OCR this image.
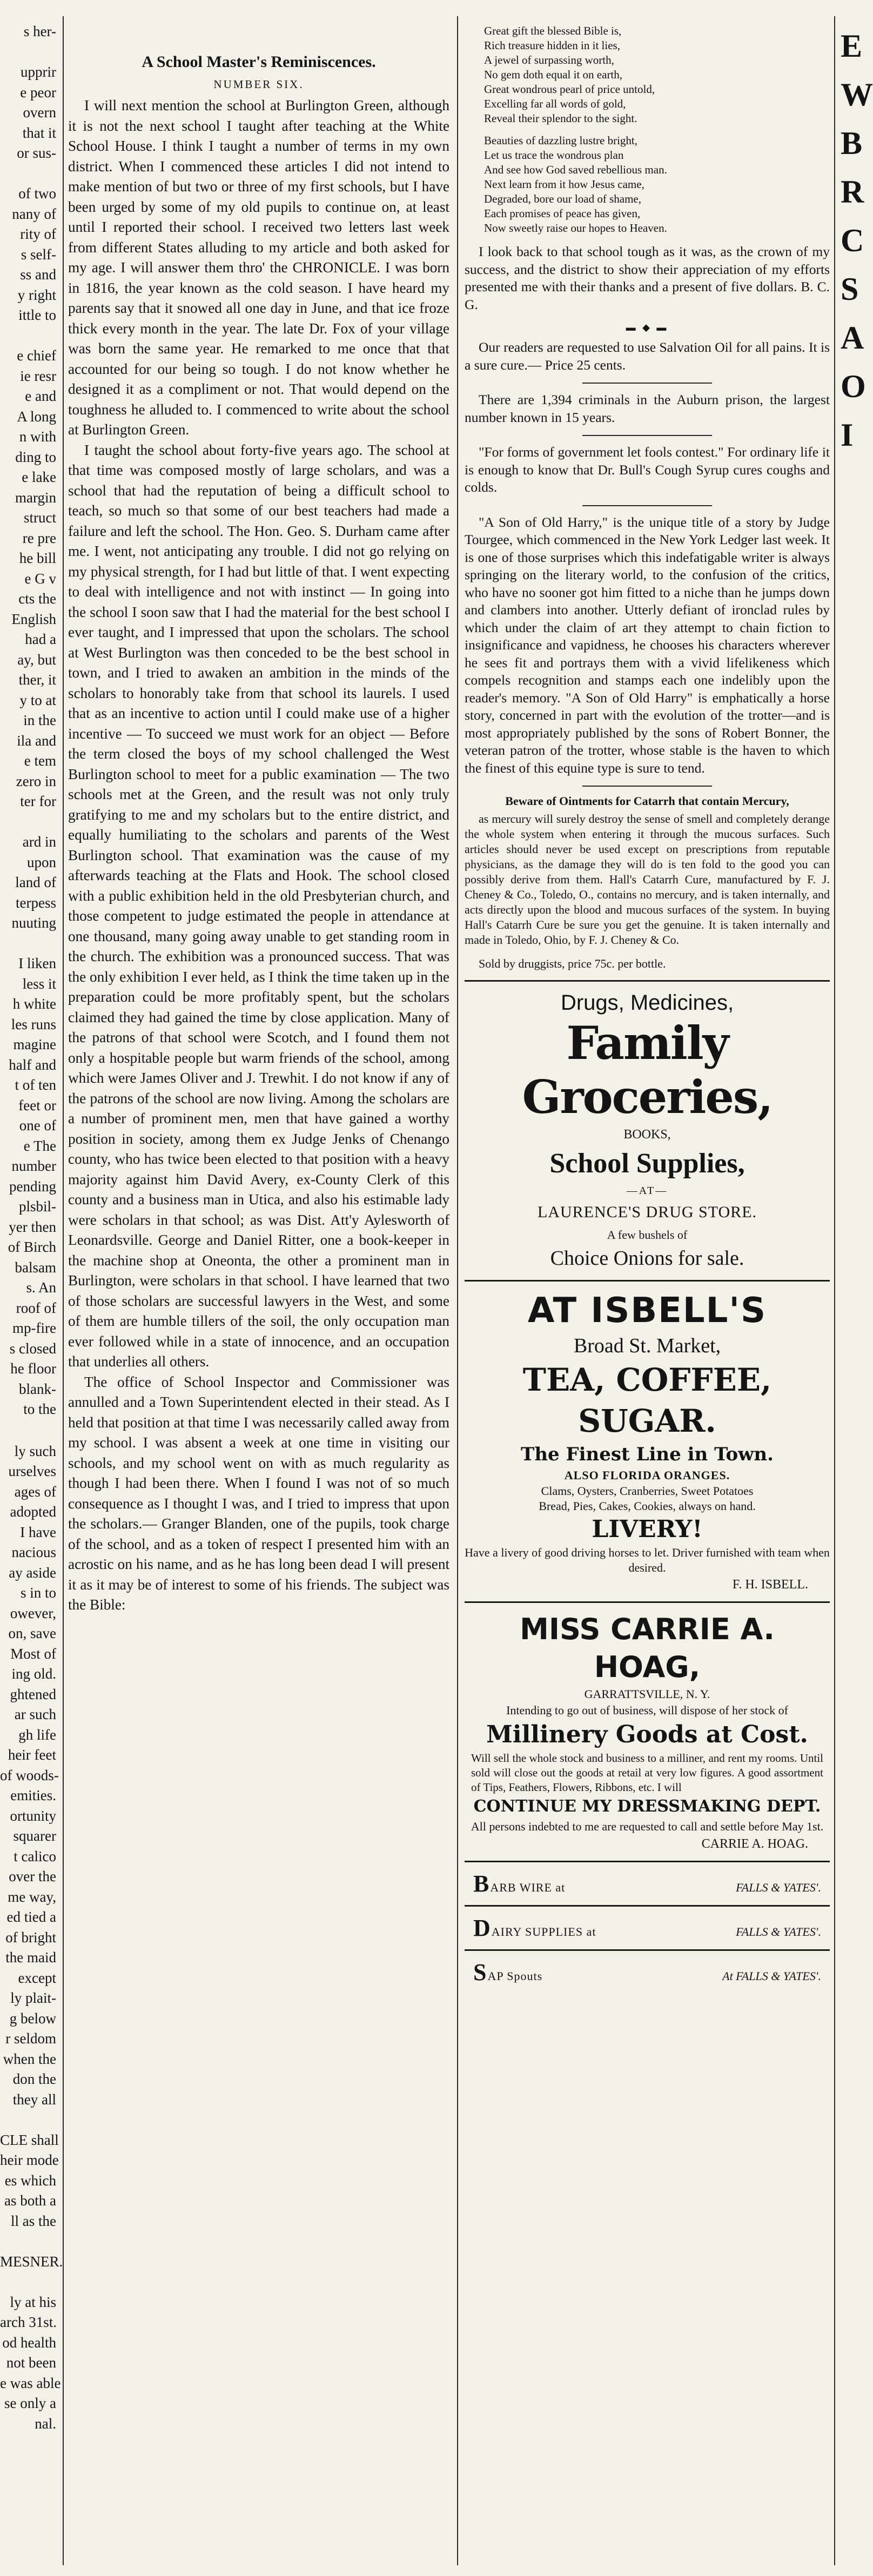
s her-

upprir
e peor
overn
that it
or sus-

of two
nany of
rity of
s self-
ss and
y right
ittle to

e chief
ie resr
e and
A long
n with
ding to
e lake
margin
struct
re pre
he bill
e G v
cts the
English
had a
ay, but
ther, it
y to at
in the
ila and
e tem
zero in
ter for

ard in
upon
land of
terpess
nuuting

I liken
less it
h white
les runs
magine
half and
t of ten
feet or
one of
e The
number
pending
plsbil-
yer then
of Birch
balsam
s. An
roof of
mp-fire
s closed
he floor
blank-
to the
ly such
urselves
ages of
adopted
I have
nacious
ay aside
s in to
owever,
on, save
Most of
ing old.
ghtened
ar such
gh life
heir feet
of woods-
emities.
ortunity
squarer
t calico
over the
me way,
ed tied a
of bright
the maid
except
ly plait-
g below
r seldom
when the
don the
they all

CLE shall
heir mode
es which
as both a
ll as the

MESNER.

ly at his
arch 31st.
od health
not been
e was able
se only a
nal.
A School Master's Reminiscences.
NUMBER SIX.

I will next mention the school at Burlington Green, although it is not the next school I taught after teaching at the White School House. I think I taught a number of terms in my own district. When I commenced these articles I did not intend to make mention of but two or three of my first schools, but I have been urged by some of my old pupils to continue on, at least until I reported their school. I received two letters last week from different States alluding to my article and both asked for my age. I will answer them thro' the CHRONICLE. I was born in 1816, the year known as the cold season. I have heard my parents say that it snowed all one day in June, and that ice froze thick every month in the year. The late Dr. Fox of your village was born the same year. He remarked to me once that that accounted for our being so tough. I do not know whether he designed it as a compliment or not. That would depend on the toughness he alluded to. I commenced to write about the school at Burlington Green.

I taught the school about forty-five years ago. The school at that time was composed mostly of large scholars, and was a school that had the reputation of being a difficult school to teach, so much so that some of our best teachers had made a failure and left the school. The Hon. Geo. S. Durham came after me. I went, not anticipating any trouble. I did not go relying on my physical strength, for I had but little of that. I went expecting to deal with intelligence and not with instinct — In going into the school I soon saw that I had the material for the best school I ever taught, and I impressed that upon the scholars. The school at West Burlington was then conceded to be the best school in town, and I tried to awaken an ambition in the minds of the scholars to honorably take from that school its laurels. I used that as an incentive to action until I could make use of a higher incentive — To succeed we must work for an object — Before the term closed the boys of my school challenged the West Burlington school to meet for a public examination — The two schools met at the Green, and the result was not only truly gratifying to me and my scholars but to the entire district, and equally humiliating to the scholars and parents of the West Burlington school. That examination was the cause of my afterwards teaching at the Flats and Hook. The school closed with a public exhibition held in the old Presbyterian church, and those competent to judge estimated the people in attendance at one thousand, many going away unable to get standing room in the church. The exhibition was a pronounced success. That was the only exhibition I ever held, as I think the time taken up in the preparation could be more profitably spent, but the scholars claimed they had gained the time by close application. Many of the patrons of that school were Scotch, and I found them not only a hospitable people but warm friends of the school, among which were James Oliver and J. Trewhit. I do not know if any of the patrons of the school are now living. Among the scholars are a number of prominent men, men that have gained a worthy position in society, among them ex Judge Jenks of Chenango county, who has twice been elected to that position with a heavy majority against him David Avery, ex-County Clerk of this county and a business man in Utica, and also his estimable lady were scholars in that school; as was Dist. Att'y Aylesworth of Leonardsville. George and Daniel Ritter, one a book-keeper in the machine shop at Oneonta, the other a prominent man in Burlington, were scholars in that school. I have learned that two of those scholars are successful lawyers in the West, and some of them are humble tillers of the soil, the only occupation man ever followed while in a state of innocence, and an occupation that underlies all others.

The office of School Inspector and Commissioner was annulled and a Town Superintendent elected in their stead. As I held that position at that time I was necessarily called away from my school. I was absent a week at one time in visiting our schools, and my school went on with as much regularity as though I had been there. When I found I was not of so much consequence as I thought I was, and I tried to impress that upon the scholars.— Granger Blanden, one of the pupils, took charge of the school, and as a token of respect I presented him with an acrostic on his name, and as he has long been dead I will present it as it may be of interest to some of his friends. The subject was the Bible:

Great gift the blessed Bible is,
Rich treasure hidden in it lies,
A jewel of surpassing worth,
No gem doth equal it on earth,
Great wondrous pearl of price untold,
Excelling far all words of gold,
Reveal their splendor to the sight.
Beauties of dazzling lustre bright,
Let us trace the wondrous plan
And see how God saved rebellious man.
Next learn from it how Jesus came,
Degraded, bore our load of shame,
Each promises of peace has given,
Now sweetly raise our hopes to Heaven.

I look back to that school tough as it was, as the crown of my success, and the district to show their appreciation of my efforts presented me with their thanks and a present of five dollars. B. C. G.

▬ ◆ ▬

Our readers are requested to use Salvation Oil for all pains. It is a sure cure.— Price 25 cents.

There are 1,394 criminals in the Auburn prison, the largest number known in 15 years.

"For forms of government let fools contest." For ordinary life it is enough to know that Dr. Bull's Cough Syrup cures coughs and colds.

"A Son of Old Harry," is the unique title of a story by Judge Tourgee, which commenced in the New York Ledger last week. It is one of those surprises which this indefatigable writer is always springing on the literary world, to the confusion of the critics, who have no sooner got him fitted to a niche than he jumps down and clambers into another. Utterly defiant of ironclad rules by which under the claim of art they attempt to chain fiction to insignificance and vapidness, he chooses his characters wherever he sees fit and portrays them with a vivid lifelikeness which compels recognition and stamps each one indelibly upon the reader's memory. "A Son of Old Harry" is emphatically a horse story, concerned in part with the evolution of the trotter—and is most appropriately published by the sons of Robert Bonner, the veteran patron of the trotter, whose stable is the haven to which the finest of this equine type is sure to tend.

Beware of Ointments for Catarrh that contain Mercury,

as mercury will surely destroy the sense of smell and completely derange the whole system when entering it through the mucous surfaces. Such articles should never be used except on prescriptions from reputable physicians, as the damage they will do is ten fold to the good you can possibly derive from them. Hall's Catarrh Cure, manufactured by F. J. Cheney & Co., Toledo, O., contains no mercury, and is taken internally, and acts directly upon the blood and mucous surfaces of the system. In buying Hall's Catarrh Cure be sure you get the genuine. It is taken internally and made in Toledo, Ohio, by F. J. Cheney & Co.

Sold by druggists, price 75c. per bottle.

Drugs, Medicines,
Family Groceries,
BOOKS,
School Supplies,
—AT—
LAURENCE'S DRUG STORE.
A few bushels of
Choice Onions for sale.
AT ISBELL'S
Broad St. Market,
TEA, COFFEE, SUGAR.
The Finest Line in Town.
ALSO FLORIDA ORANGES.
Clams, Oysters, Cranberries, Sweet Potatoes
Bread, Pies, Cakes, Cookies, always on hand.
LIVERY!
Have a livery of good driving horses to let. Driver furnished with team when desired.
F. H. ISBELL.
MISS CARRIE A. HOAG,
GARRATTSVILLE, N. Y.
Intending to go out of business, will dispose of her stock of
Millinery Goods at Cost.
Will sell the whole stock and business to a milliner, and rent my rooms. Until sold will close out the goods at retail at very low figures. A good assortment of Tips, Feathers, Flowers, Ribbons, etc. I will
CONTINUE MY DRESSMAKING DEPT.
All persons indebted to me are requested to call and settle before May 1st.
CARRIE A. HOAG.
B ARB WIRE at	FALLS & YATES'.
D AIRY SUPPLIES at	FALLS & YATES'.
S AP Spouts	At FALLS & YATES'.
E
W
B
R
C
S
A
O
I
